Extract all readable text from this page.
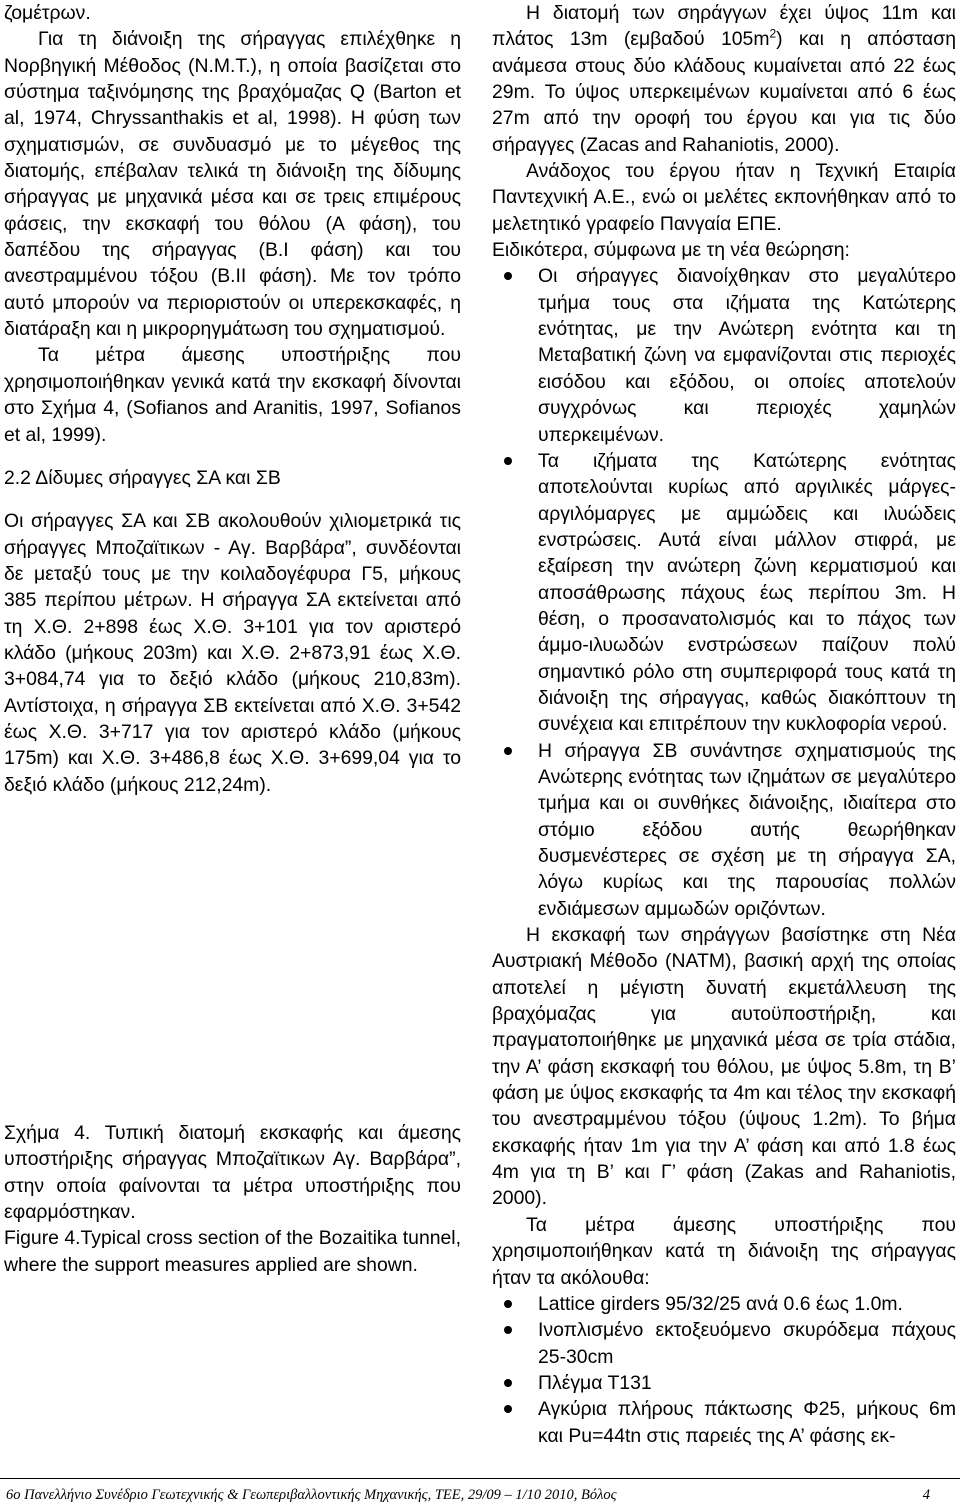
ζομέτρων.

Για τη διάνοιξη της σήραγγας επιλέχθηκε η Νορβηγική Μέθοδος (Ν.Μ.Τ.), η οποία βασίζεται στο σύστημα ταξινόμησης της βραχόμαζας Q (Barton et al, 1974, Chryssanthakis et al, 1998). Η φύση των σχηματισμών, σε συνδυασμό με το μέγεθος της διατομής, επέβαλαν τελικά τη διάνοιξη της δίδυμης σήραγγας με μηχανικά μέσα και σε τρεις επιμέρους φάσεις, την εκσκαφή του θόλου (Α φάση), του δαπέδου της σήραγγας (Β.Ι φάση) και του ανεστραμμένου τόξου (Β.ΙΙ φάση). Με τον τρόπο αυτό μπορούν να περιοριστούν οι υπερεκσκαφές, η διατάραξη και η μικρορηγμάτωση του σχηματισμού.

Τα μέτρα άμεσης υποστήριξης που χρησιμοποιήθηκαν γενικά κατά την εκσκαφή δίνονται στο Σχήμα 4, (Sofianos and Aranitis, 1997, Sofianos et al, 1999).

2.2 Δίδυμες σήραγγες ΣΑ και ΣΒ

Οι σήραγγες ΣΑ και ΣΒ ακολουθούν χιλιομετρικά τις σήραγγες Μποζαϊτικων - Αγ. Βαρβάρα”, συνδέονται δε μεταξύ τους με την κοιλαδογέφυρα Γ5, μήκους 385 περίπου μέτρων. Η σήραγγα ΣΑ εκτείνεται από τη Χ.Θ. 2+898 έως Χ.Θ. 3+101 για τον αριστερό κλάδο (μήκους 203m) και Χ.Θ. 2+873,91 έως Χ.Θ. 3+084,74 για το δεξιό κλάδο (μήκους 210,83m). Αντίστοιχα, η σήραγγα ΣΒ εκτείνεται από Χ.Θ. 3+542 έως Χ.Θ. 3+717 για τον αριστερό κλάδο (μήκους 175m) και Χ.Θ. 3+486,8 έως Χ.Θ. 3+699,04 για το δεξιό κλάδο (μήκους 212,24m).

Σχήμα 4. Τυπική διατομή εκσκαφής και άμεσης υποστήριξης σήραγγας Μποζαϊτικων Αγ. Βαρβάρα”, στην οποία φαίνονται τα μέτρα υποστήριξης που εφαρμόστηκαν.

Figure 4.Typical cross section of the Bozaitika tunnel, where the support measures applied are shown.

Η διατομή των σηράγγων έχει ύψος 11m και πλάτος 13m (εμβαδού $105m^2$) και η απόσταση ανάμεσα στους δύο κλάδους κυμαίνεται από 22 έως 29m. Το ύψος υπερκειμένων κυμαίνεται από 6 έως 27m από την οροφή του έργου και για τις δύο σήραγγες (Zacas and Rahaniotis, 2000).

Ανάδοχος του έργου ήταν η Τεχνική Εταιρία Παντεχνική Α.Ε., ενώ οι μελέτες εκπονήθηκαν από το μελετητικό γραφείο Πανγαία ΕΠΕ.

Ειδικότερα, σύμφωνα με τη νέα θεώρηση:

Οι σήραγγες διανοίχθηκαν στο μεγαλύτερο τμήμα τους στα ιζήματα της Κατώτερης ενότητας, με την Ανώτερη ενότητα και τη Μεταβατική ζώνη να εμφανίζονται στις περιοχές εισόδου και εξόδου, οι οποίες αποτελούν συγχρόνως και περιοχές χαμηλών υπερκειμένων.
Τα ιζήματα της Κατώτερης ενότητας αποτελούνται κυρίως από αργιλικές μάργες- αργιλόμαργες με αμμώδεις και ιλυώδεις ενστρώσεις. Αυτά είναι μάλλον στιφρά, με εξαίρεση την ανώτερη ζώνη κερματισμού και αποσάθρωσης πάχους έως περίπου 3m. Η θέση, ο προσανατολισμός και το πάχος των άμμο-ιλυωδών ενστρώσεων παίζουν πολύ σημαντικό ρόλο στη συμπεριφορά τους κατά τη διάνοιξη της σήραγγας, καθώς διακόπτουν τη συνέχεια και επιτρέπουν την κυκλοφορία νερού.
Η σήραγγα ΣΒ συνάντησε σχηματισμούς της Ανώτερης ενότητας των ιζημάτων σε μεγαλύτερο τμήμα και οι συνθήκες διάνοιξης, ιδιαίτερα στο στόμιο εξόδου αυτής θεωρήθηκαν δυσμενέστερες σε σχέση με τη σήραγγα ΣΑ, λόγω κυρίως και της παρουσίας πολλών ενδιάμεσων αμμωδών οριζόντων.

Η εκσκαφή των σηράγγων βασίστηκε στη Νέα Αυστριακή Μέθοδο (ΝΑΤΜ), βασική αρχή της οποίας αποτελεί η μέγιστη δυνατή εκμετάλλευση της βραχόμαζας για αυτοϋποστήριξη, και πραγματοποιήθηκε με μηχανικά μέσα σε τρία στάδια, την Α’ φάση εκσκαφή του θόλου, με ύψος 5.8m, τη Β’ φάση με ύψος εκσκαφής τα 4m και τέλος την εκσκαφή του ανεστραμμένου τόξου (ύψους 1.2m). Το βήμα εκσκαφής ήταν 1m για την Α’ φάση και από 1.8 έως 4m για τη Β’ και Γ’ φάση (Zakas and Rahaniotis, 2000).

Τα μέτρα άμεσης υποστήριξης που χρησιμοποιήθηκαν κατά τη διάνοιξη της σήραγγας ήταν τα ακόλουθα:

Lattice girders 95/32/25 ανά 0.6 έως 1.0m.
Ινοπλισμένο εκτοξευόμενο σκυρόδεμα πάχους 25-30cm
Πλέγμα Τ131
Αγκύρια πλήρους πάκτωσης Φ25, μήκους 6m και Pu=44tn στις παρειές της Α’ φάσης εκ-
6ο Πανελλήνιο Συνέδριο Γεωτεχνικής & Γεωπεριβαλλοντικής Μηχανικής, ΤΕΕ, 29/09 – 1/10 2010, Βόλος	4
